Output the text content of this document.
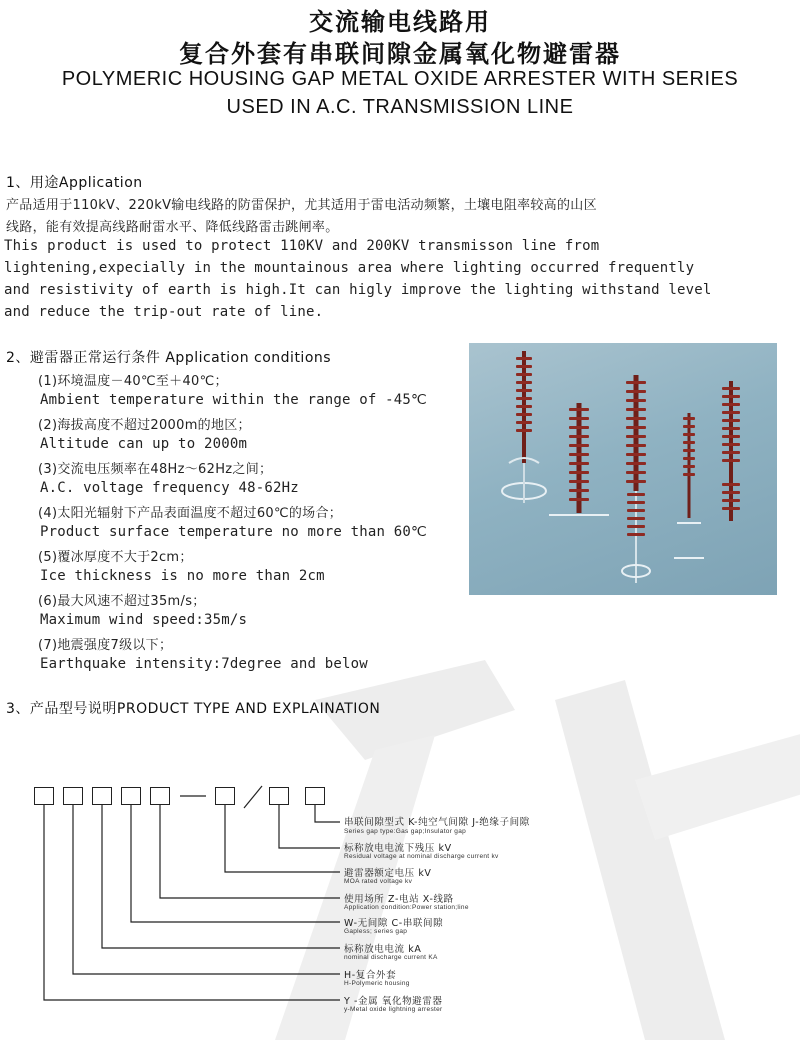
交流输电线路用
复合外套有串联间隙金属氧化物避雷器
POLYMERIC HOUSING GAP METAL OXIDE ARRESTER WITH SERIES
USED IN A.C. TRANSMISSION LINE
1、用途Application
产品适用于110kV、220kV输电线路的防雷保护，尤其适用于雷电活动频繁，土壤电阻率较高的山区
线路，能有效提高线路耐雷水平、降低线路雷击跳闸率。
This product is used to protect 110KV and 200KV transmisson line from
lightening,expecially in the mountainous area where lighting occurred frequently
and resistivity of earth is high.It can higly improve the lighting withstand level
and reduce the trip-out rate of line.
2、避雷器正常运行条件 Application conditions
(1)环境温度－40℃至＋40℃；
Ambient temperature within the range of -45℃
(2)海拔高度不超过2000m的地区；
Altitude can up to 2000m
(3)交流电压频率在48Hz～62Hz之间；
A.C. voltage frequency 48-62Hz
(4)太阳光辐射下产品表面温度不超过60℃的场合；
Product surface temperature no more than 60℃
(5)覆冰厚度不大于2cm；
Ice thickness is no more than 2cm
(6)最大风速不超过35m/s；
Maximum wind speed:35m/s
(7)地震强度7级以下；
Earthquake intensity:7degree and below
3、产品型号说明PRODUCT TYPE AND EXPLAINATION
串联间隙型式 K-纯空气间隙 J-绝缘子间隙
Series gap type:Gas gap;Insulator gap
标称放电电流下残压 kV
Residual voltage at nominal discharge current kv
避雷器额定电压 kV
MOA rated voltage kv
使用场所 Z-电站 X-线路
Application condition:Power station;line
W-无间隙 C-串联间隙
Gapless; series gap
标称放电电流 kA
nominal discharge current KA
H-复合外套
H-Polymeric housing
Y -金属 氧化物避雷器
y-Metal oxide lightning arrester
